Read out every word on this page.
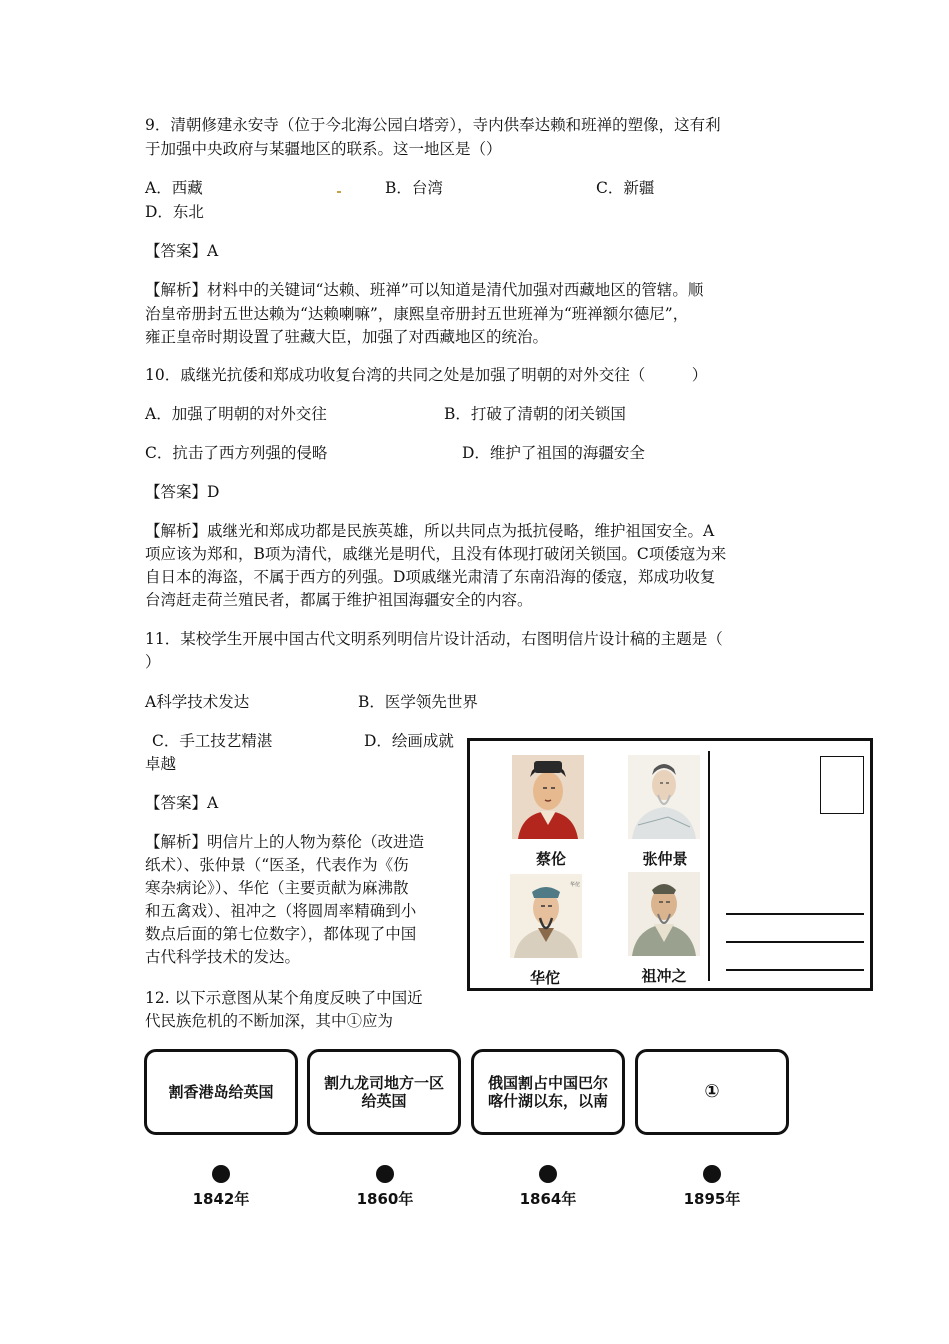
9．清朝修建永安寺（位于今北海公园白塔旁），寺内供奉达赖和班禅的塑像，这有利
于加强中央政府与某疆地区的联系。这一地区是（）
A．西藏	B．台湾	C．新疆
D．东北
【答案】A
【解析】材料中的关键词“达赖、班禅”可以知道是清代加强对西藏地区的管辖。顺
治皇帝册封五世达赖为“达赖喇嘛”，康熙皇帝册封五世班禅为“班禅额尔德尼”，
雍正皇帝时期设置了驻藏大臣，加强了对西藏地区的统治。
10．戚继光抗倭和郑成功收复台湾的共同之处是加强了明朝的对外交往（　　　）
A．加强了明朝的对外交往	B．打破了清朝的闭关锁国
C．抗击了西方列强的侵略	D．维护了祖国的海疆安全
【答案】D
【解析】戚继光和郑成功都是民族英雄，所以共同点为抵抗侵略，维护祖国安全。A
项应该为郑和，B项为清代，戚继光是明代，且没有体现打破闭关锁国。C项倭寇为来
自日本的海盗，不属于西方的列强。D项戚继光肃清了东南沿海的倭寇，郑成功收复
台湾赶走荷兰殖民者，都属于维护祖国海疆安全的内容。
11．某校学生开展中国古代文明系列明信片设计活动，右图明信片设计稿的主题是（
）
A科学技术发达	B．医学领先世界
C．手工技艺精湛	D．绘画成就
卓越
【答案】A
【解析】明信片上的人物为蔡伦（改进造
纸术）、张仲景（“医圣，代表作为《伤
寒杂病论》）、华佗（主要贡献为麻沸散
和五禽戏）、祖冲之（将圆周率精确到小
数点后面的第七位数字），都体现了中国
古代科学技术的发达。
蔡伦	张仲景
华佗
华佗	祖冲之
12. 以下示意图从某个角度反映了中国近
代民族危机的不断加深，其中①应为
割香港岛给英国	割九龙司地方一区给英国
俄国割占中国巴尔喀什湖以东，以南	①
1842年	1860年	1864年	1895年
